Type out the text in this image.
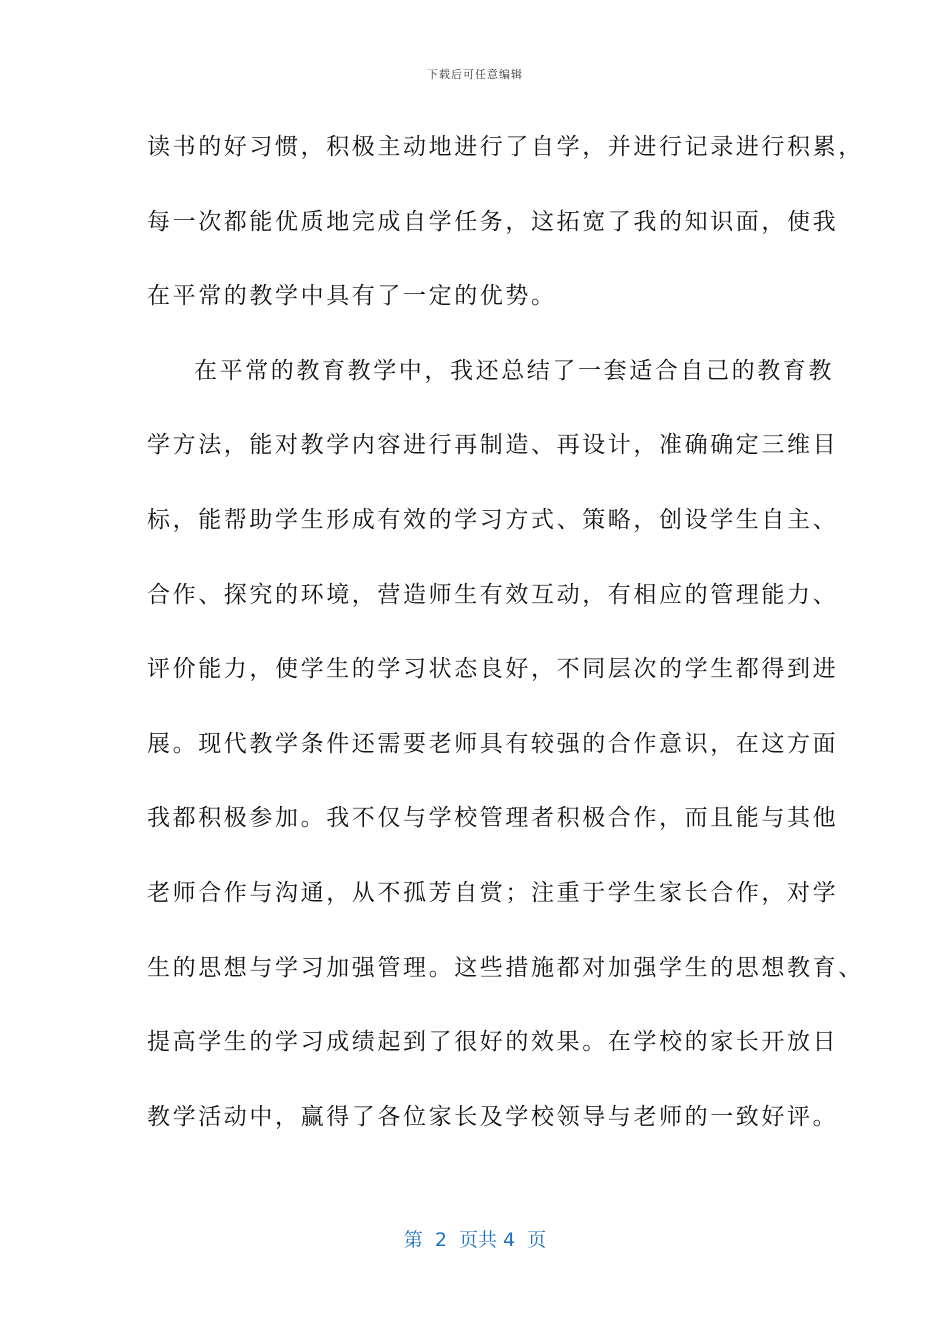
下载后可任意编辑
读书的好习惯，积极主动地进行了自学，并进行记录进行积累，
每一次都能优质地完成自学任务，这拓宽了我的知识面，使我
在平常的教学中具有了一定的优势。
在平常的教育教学中，我还总结了一套适合自己的教育教
学方法，能对教学内容进行再制造、再设计，准确确定三维目
标，能帮助学生形成有效的学习方式、策略，创设学生自主、
合作、探究的环境，营造师生有效互动，有相应的管理能力、
评价能力，使学生的学习状态良好，不同层次的学生都得到进
展。现代教学条件还需要老师具有较强的合作意识，在这方面
我都积极参加。我不仅与学校管理者积极合作，而且能与其他
老师合作与沟通，从不孤芳自赏；注重于学生家长合作，对学
生的思想与学习加强管理。这些措施都对加强学生的思想教育、
提高学生的学习成绩起到了很好的效果。在学校的家长开放日
教学活动中，赢得了各位家长及学校领导与老师的一致好评。
第  2  页共 4  页
